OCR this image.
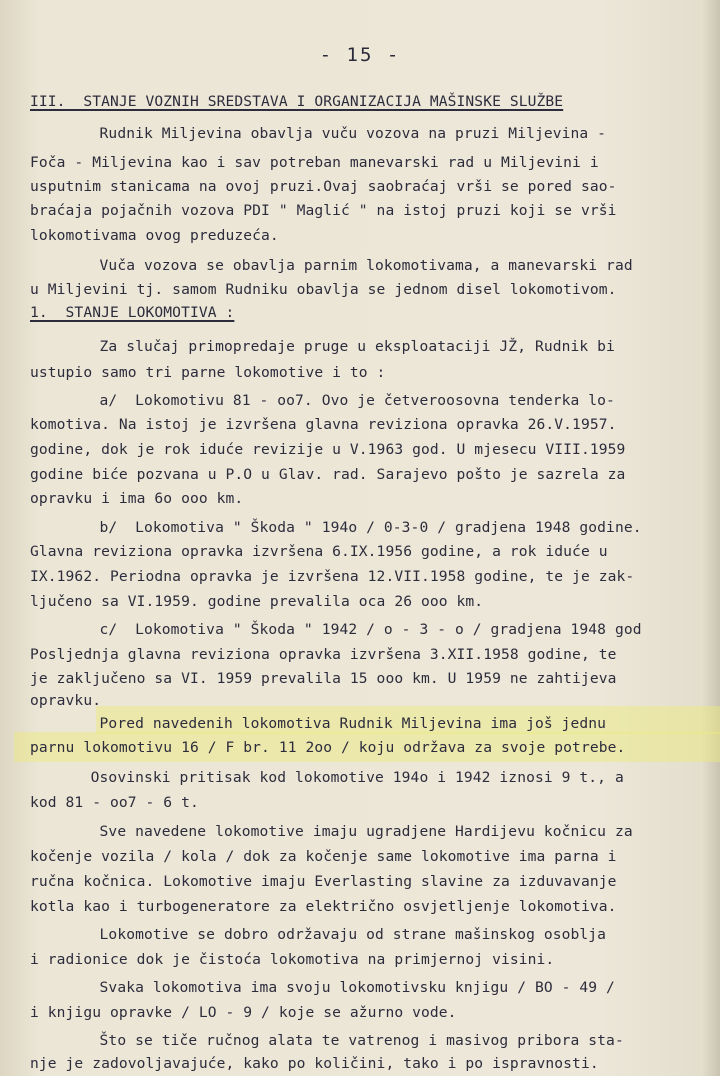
- 15 -
III.  STANJE VOZNIH SREDSTAVA I ORGANIZACIJA MAŠINSKE SLUŽBE
Rudnik Miljevina obavlja vuču vozova na pruzi Miljevina -
Foča - Miljevina kao i sav potreban manevarski rad u Miljevini i
usputnim stanicama na ovoj pruzi.Ovaj saobraćaj vrši se pored sao-
braćaja pojačnih vozova PDI " Maglić " na istoj pruzi koji se vrši
lokomotivama ovog preduzeća.
Vuča vozova se obavlja parnim lokomotivama, a manevarski rad
u Miljevini tj. samom Rudniku obavlja se jednom disel lokomotivom.
1.  STANJE LOKOMOTIVA :
Za slučaj primopredaje pruge u eksploataciji JŽ, Rudnik bi
ustupio samo tri parne lokomotive i to :
a/  Lokomotivu 81 - oo7. Ovo je četveroosovna tenderka lo-
komotiva. Na istoj je izvršena glavna revizionа opravka 26.V.1957.
godine, dok je rok iduće revizije u V.1963 god. U mjesecu VIII.1959
godine biće pozvana u P.O u Glav. rad. Sarajevo pošto je sazrela za
opravku i ima 6o ooo km.
b/  Lokomotiva " Škoda " 194o / 0-3-0 / gradjena 1948 godine.
Glavna revizionа opravka izvršena 6.IX.1956 godine, a rok iduće u
IX.1962. Periodna opravka je izvršena 12.VII.1958 godine, te je zak-
ljučeno sa VI.1959. godine prevalila oca 26 ooo km.
c/  Lokomotiva " Škoda " 1942 / o - 3 - o / gradjena 1948 god
Posljednja glavna revizionа opravka izvršena 3.XII.1958 godine, te
je zaključeno sa VI. 1959 prevalila 15 ooo km. U 1959 ne zahtijeva
opravku.
Pored navedenih lokomotiva Rudnik Miljevina ima još jednu
parnu lokomotivu 16 / F br. 11 2oo / koju održava za svoje potrebe.
Osovinski pritisak kod lokomotive 194o i 1942 iznosi 9 t., a
kod 81 - oo7 - 6 t.
Sve navedene lokomotive imaju ugradjene Hardijevu kočnicu za
kočenje vozila / kola / dok za kočenje same lokomotive ima parna i
ručna kočnica. Lokomotive imaju Everlasting slavine za izduvavanje
kotla kao i turbogeneratore za električno osvjetljenje lokomotiva.
Lokomotive se dobro održavaju od strane mašinskog osoblja
i radionice dok je čistoća lokomotiva na primjernoj visini.
Svaka lokomotiva ima svoju lokomotivsku knjigu / BO - 49 /
i knjigu opravke / LO - 9 / koje se ažurno vode.
Što se tiče ručnog alata te vatrenog i masivog pribora sta-
nje je zadovoljavajuće, kako po količini, tako i po ispravnosti.
